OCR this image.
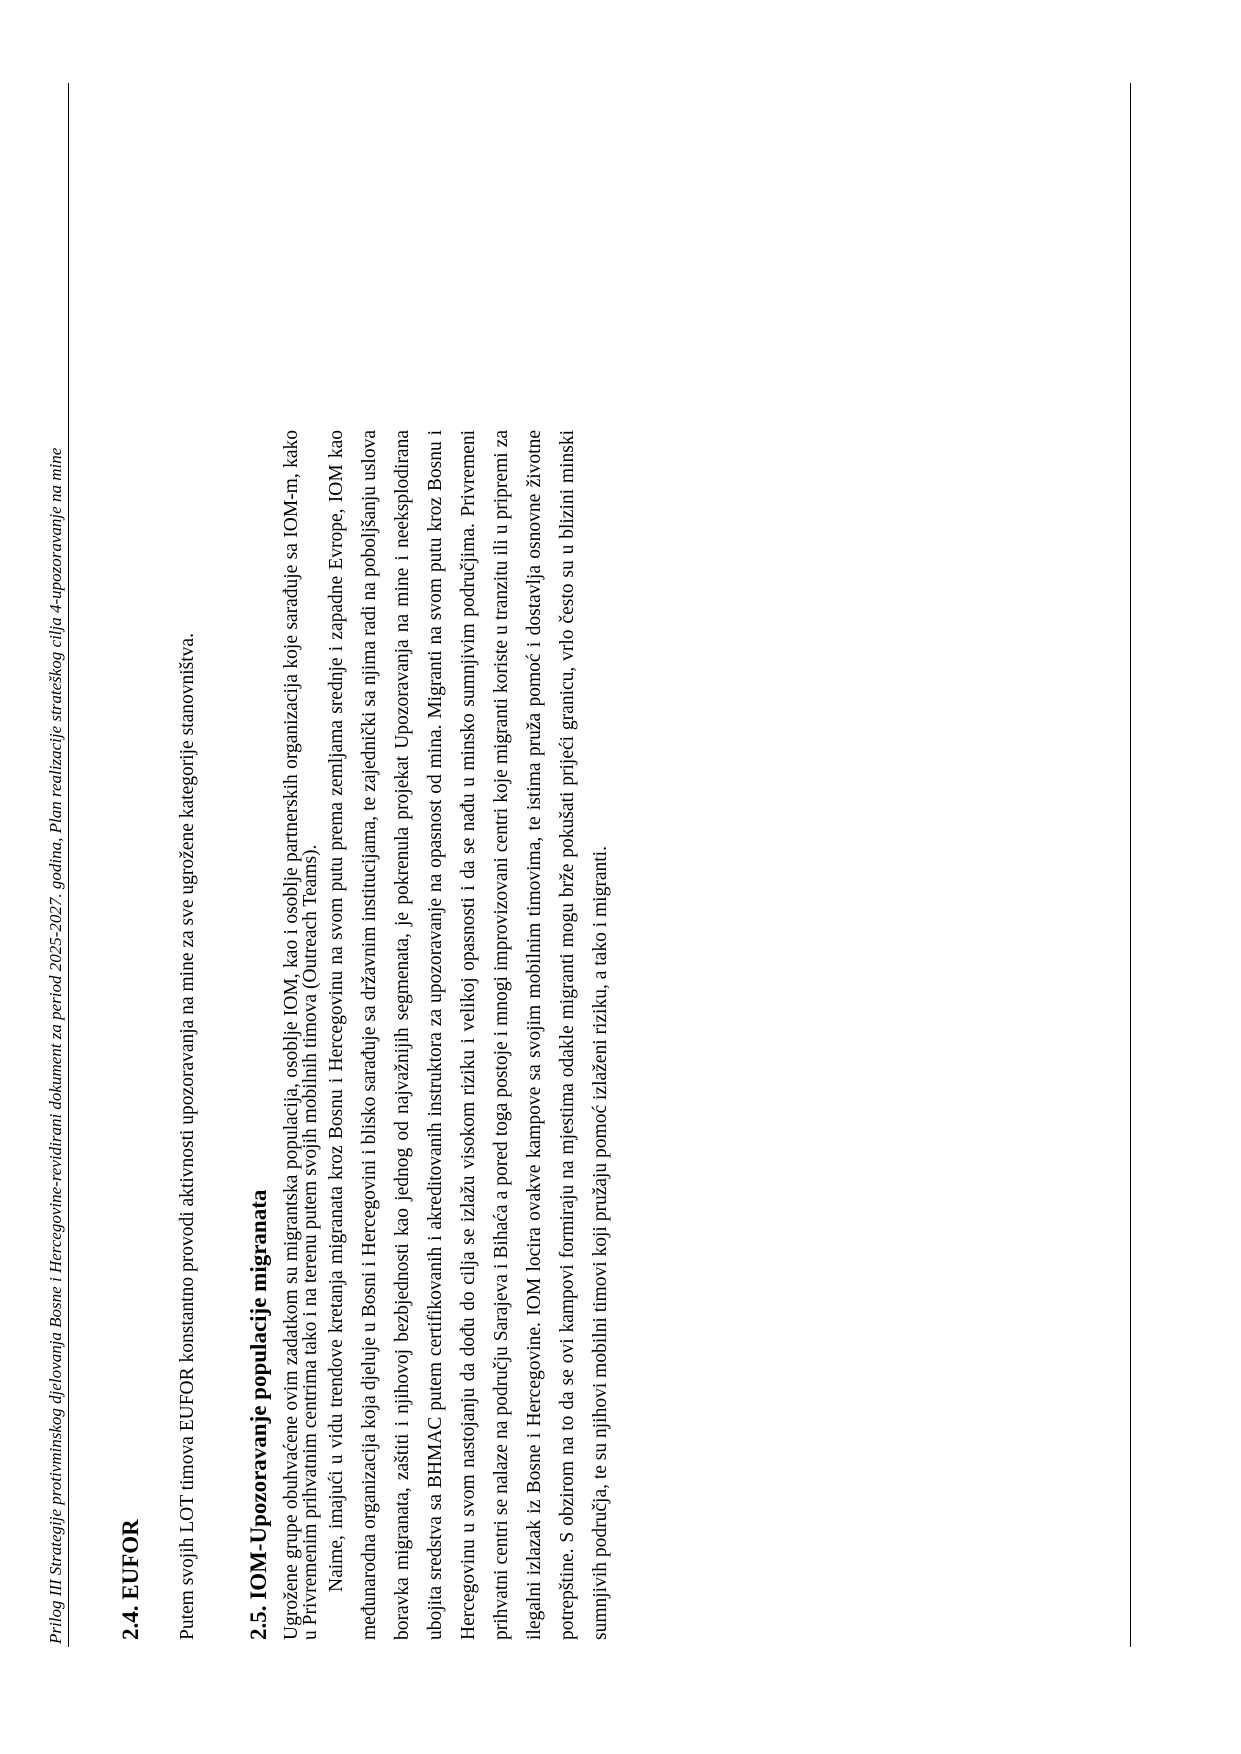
Prilog III Strategije protivminskog djelovanja Bosne i Hercegovine-revidirani dokument za period 2025-2027. godina, Plan realizacije strateškog cilja 4-upozoravanje na mine 2.4. EUFOR	Putem svojih LOT timova EUFOR konstantno provodi aktivnosti upozoravanja na mine za sve ugrožene kategorije stanovništva. 2.5. IOM-Upozoravanje populacije migranata Ugrožene grupe obuhvaćene ovim zadatkom su migrantska populacija, osoblje IOM, kao i osoblje partnerskih organizacija koje sarađuje sa IOM-m, kako u Privremenim prihvatnim centrima tako i na terenu putem svojih mobilnih timova (Outreach Teams). Naime, imajući u vidu trendove kretanja migranata kroz Bosnu i Hercegovinu na svom putu prema zemljama srednje i zapadne Evrope, IOM kao međunarodna organizacija koja djeluje u Bosni i Hercegovini i blisko sarađuje sa državnim institucijama, te zajednički sa njima radi na poboljšanju uslova boravka migranata, zaštiti i njihovoj bezbjednosti kao jednog od najvažnijih segmenata, je pokrenula projekat Upozoravanja na mine i neeksplodirana ubojita sredstva sa BHMAC putem certifikovanih i akreditovanih instruktora za upozoravanje na opasnost od mina. Migranti na svom putu kroz Bosnu i Hercegovinu u svom nastojanju da dođu do cilja se izlažu visokom riziku i velikoj opasnosti i da se nađu u minsko sumnjivim područjima. Privremeni prihvatni centri se nalaze na području Sarajeva i Bihaća a pored toga postoje i mnogi improvizovani centri koje migranti koriste u tranzitu ili u pripremi za ilegalni izlazak iz Bosne i Hercegovine. IOM locira ovakve kampove sa svojim mobilnim timovima, te istima pruža pomoć i dostavlja osnovne životne potrepštine. S obzirom na to da se ovi kampovi formiraju na mjestima odakle migranti mogu brže pokušati prijeći granicu, vrlo često su u blizini minski sumnjivih područja, te su njihovi mobilni timovi koji pružaju pomoć izlaženi riziku, a tako i migranti.
